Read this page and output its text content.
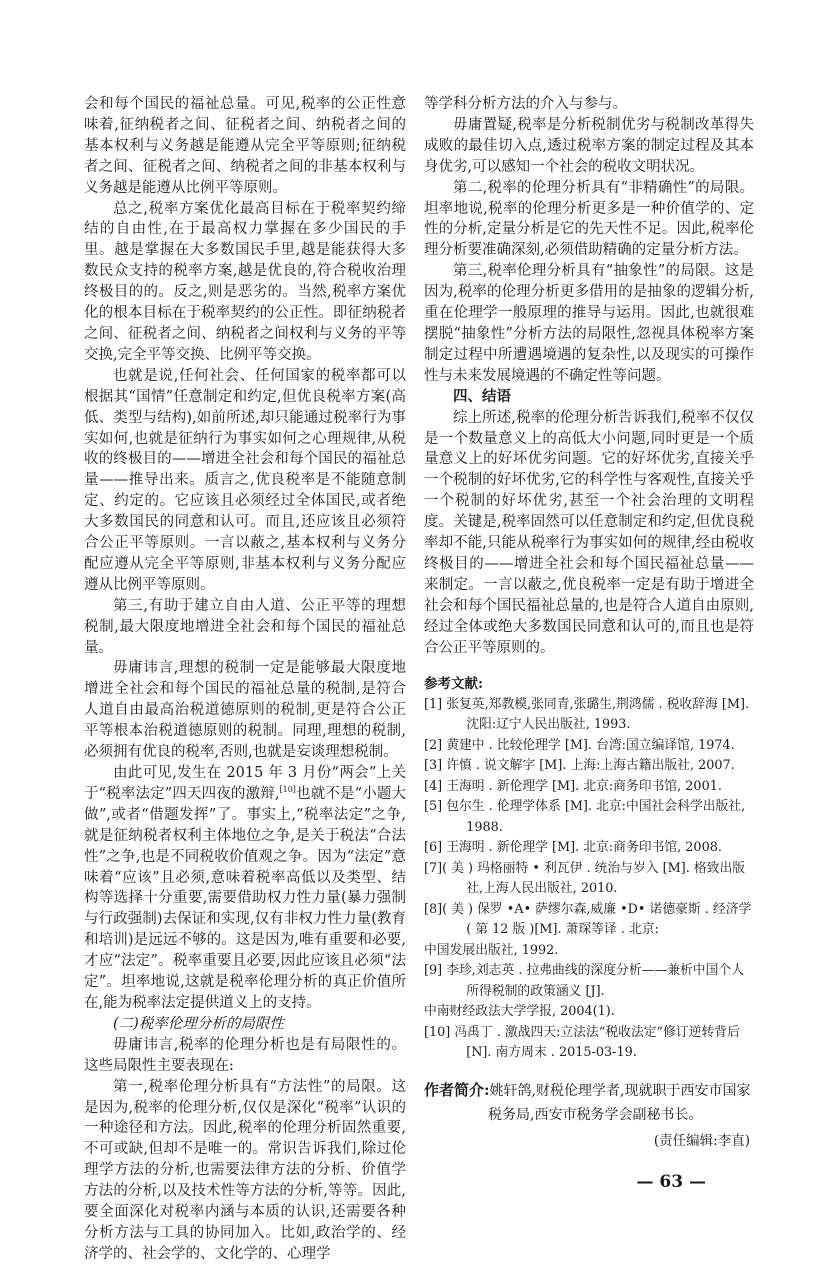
会和每个国民的福祉总量。可见,税率的公正性意味着,征纳税者之间、征税者之间、纳税者之间的基本权利与义务越是能遵从完全平等原则;征纳税者之间、征税者之间、纳税者之间的非基本权利与义务越是能遵从比例平等原则。

总之,税率方案优化最高目标在于税率契约缔结的自由性,在于最高权力掌握在多少国民的手里。越是掌握在大多数国民手里,越是能获得大多数民众支持的税率方案,越是优良的,符合税收治理终极目的的。反之,则是恶劣的。当然,税率方案优化的根本目标在于税率契约的公正性。即征纳税者之间、征税者之间、纳税者之间权利与义务的平等交换,完全平等交换、比例平等交换。

也就是说,任何社会、任何国家的税率都可以根据其“国情”任意制定和约定,但优良税率方案(高低、类型与结构),如前所述,却只能通过税率行为事实如何,也就是征纳行为事实如何之心理规律,从税收的终极目的——增进全社会和每个国民的福祉总量——推导出来。质言之,优良税率是不能随意制定、约定的。它应该且必须经过全体国民,或者绝大多数国民的同意和认可。而且,还应该且必须符合公正平等原则。一言以蔽之,基本权利与义务分配应遵从完全平等原则,非基本权利与义务分配应遵从比例平等原则。

第三,有助于建立自由人道、公正平等的理想税制,最大限度地增进全社会和每个国民的福祉总量。

毋庸讳言,理想的税制一定是能够最大限度地增进全社会和每个国民的福祉总量的税制,是符合人道自由最高治税道德原则的税制,更是符合公正平等根本治税道德原则的税制。同理,理想的税制,必须拥有优良的税率,否则,也就是妄谈理想税制。

由此可见,发生在 2015 年 3 月份“两会”上关于“税率法定”四天四夜的激辩,[10]也就不是“小题大做”,或者“借题发挥”了。事实上,“税率法定”之争,就是征纳税者权利主体地位之争,是关于税法“合法性”之争,也是不同税收价值观之争。因为“法定”意味着“应该”且必须,意味着税率高低以及类型、结构等选择十分重要,需要借助权力性力量(暴力强制与行政强制)去保证和实现,仅有非权力性力量(教育和培训)是远远不够的。这是因为,唯有重要和必要,才应“法定”。税率重要且必要,因此应该且必须“法定”。坦率地说,这就是税率伦理分析的真正价值所在,能为税率法定提供道义上的支持。

(二)税率伦理分析的局限性

毋庸讳言,税率的伦理分析也是有局限性的。这些局限性主要表现在:

第一,税率伦理分析具有“方法性”的局限。这是因为,税率的伦理分析,仅仅是深化“税率”认识的一种途径和方法。因此,税率的伦理分析固然重要,不可或缺,但却不是唯一的。常识告诉我们,除过伦理学方法的分析,也需要法律方法的分析、价值学方法的分析,以及技术性等方法的分析,等等。因此,要全面深化对税率内涵与本质的认识,还需要各种分析方法与工具的协同加入。比如,政治学的、经济学的、社会学的、文化学的、心理学

等学科分析方法的介入与参与。

毋庸置疑,税率是分析税制优劣与税制改革得失成败的最佳切入点,透过税率方案的制定过程及其本身优劣,可以感知一个社会的税收文明状况。

第二,税率的伦理分析具有“非精确性”的局限。坦率地说,税率的伦理分析更多是一种价值学的、定性的分析,定量分析是它的先天性不足。因此,税率伦理分析要准确深刻,必须借助精确的定量分析方法。

第三,税率伦理分析具有“抽象性”的局限。这是因为,税率的伦理分析更多借用的是抽象的逻辑分析,重在伦理学一般原理的推导与运用。因此,也就很难摆脱“抽象性”分析方法的局限性,忽视具体税率方案制定过程中所遭遇境遇的复杂性,以及现实的可操作性与未来发展境遇的不确定性等问题。

四、结语

综上所述,税率的伦理分析告诉我们,税率不仅仅是一个数量意义上的高低大小问题,同时更是一个质量意义上的好坏优劣问题。它的好坏优劣,直接关乎一个税制的好坏优劣,它的科学性与客观性,直接关乎一个税制的好坏优劣,甚至一个社会治理的文明程度。关键是,税率固然可以任意制定和约定,但优良税率却不能,只能从税率行为事实如何的规律,经由税收终极目的——增进全社会和每个国民福祉总量——来制定。一言以蔽之,优良税率一定是有助于增进全社会和每个国民福祉总量的,也是符合人道自由原则,经过全体或绝大多数国民同意和认可的,而且也是符合公正平等原则的。

参考文献:
[1] 张复英,郑教模,张同青,张璐生,荆鸿儒 . 税收辞海 [M]. 沈阳:辽宁人民出版社, 1993.
[2] 黄建中 . 比较伦理学 [M]. 台湾:国立编译馆, 1974.
[3] 许慎 . 说文解字 [M]. 上海:上海古籍出版社, 2007.
[4] 王海明 . 新伦理学 [M]. 北京:商务印书馆, 2001.
[5] 包尔生 . 伦理学体系 [M]. 北京:中国社会科学出版社, 1988.
[6] 王海明 . 新伦理学 [M]. 北京:商务印书馆, 2008.
[7]( 美 ) 玛格丽特 • 利瓦伊 . 统治与岁入 [M]. 格致出版社,上海人民出版社, 2010.
[8]( 美 ) 保罗 •A• 萨缪尔森,威廉 •D• 诺德豪斯 . 经济学 ( 第 12 版 )[M]. 萧琛等译 . 北京:
中国发展出版社, 1992.
[9] 李珍,刘志英 . 拉弗曲线的深度分析——兼析中国个人所得税制的政策涵义 [J].
中南财经政法大学学报, 2004(1).
[10] 冯禹丁 . 激战四天:立法法“税收法定”修订逆转背后 [N]. 南方周末 . 2015-03-19.
作者简介:姚轩鸽,财税伦理学者,现就职于西安市国家
税务局,西安市税务学会副秘书长。
(责任编辑:李直)
— 63 —
